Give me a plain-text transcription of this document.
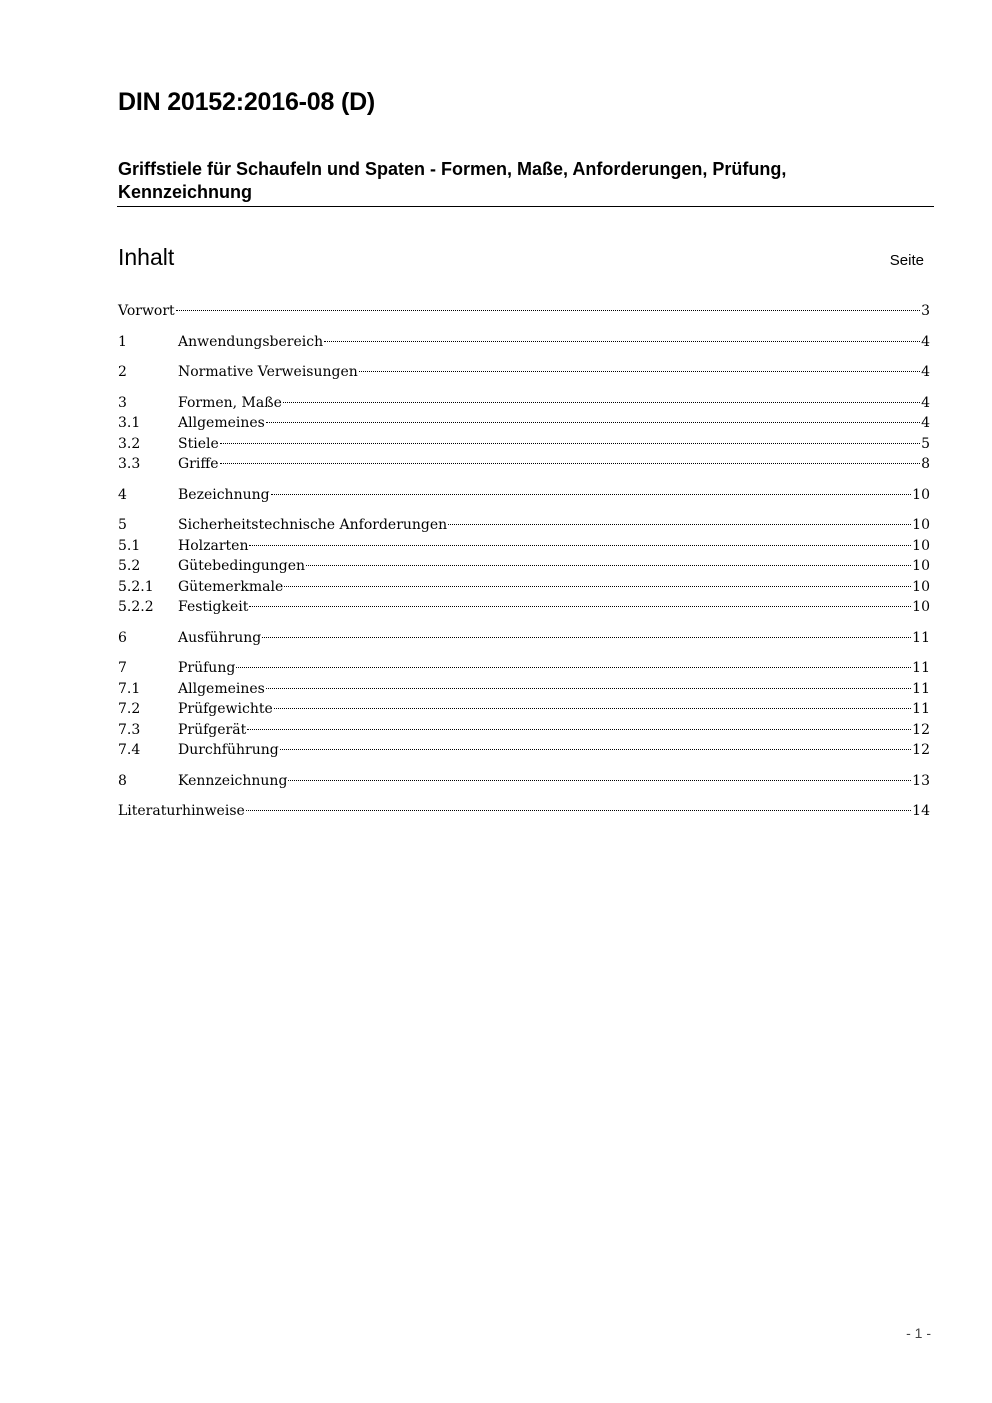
DIN 20152:2016-08 (D)
Griffstiele für Schaufeln und Spaten - Formen, Maße, Anforderungen, Prüfung, Kennzeichnung
Inhalt	Seite
Vorwort	3
1	Anwendungsbereich	4
2	Normative Verweisungen	4
3	Formen, Maße	4
3.1	Allgemeines	4
3.2	Stiele	5
3.3	Griffe	8
4	Bezeichnung	10
5	Sicherheitstechnische Anforderungen	10
5.1	Holzarten	10
5.2	Gütebedingungen	10
5.2.1	Gütemerkmale	10
5.2.2	Festigkeit	10
6	Ausführung	11
7	Prüfung	11
7.1	Allgemeines	11
7.2	Prüfgewichte	11
7.3	Prüfgerät	12
7.4	Durchführung	12
8	Kennzeichnung	13
Literaturhinweise	14
- 1 -
